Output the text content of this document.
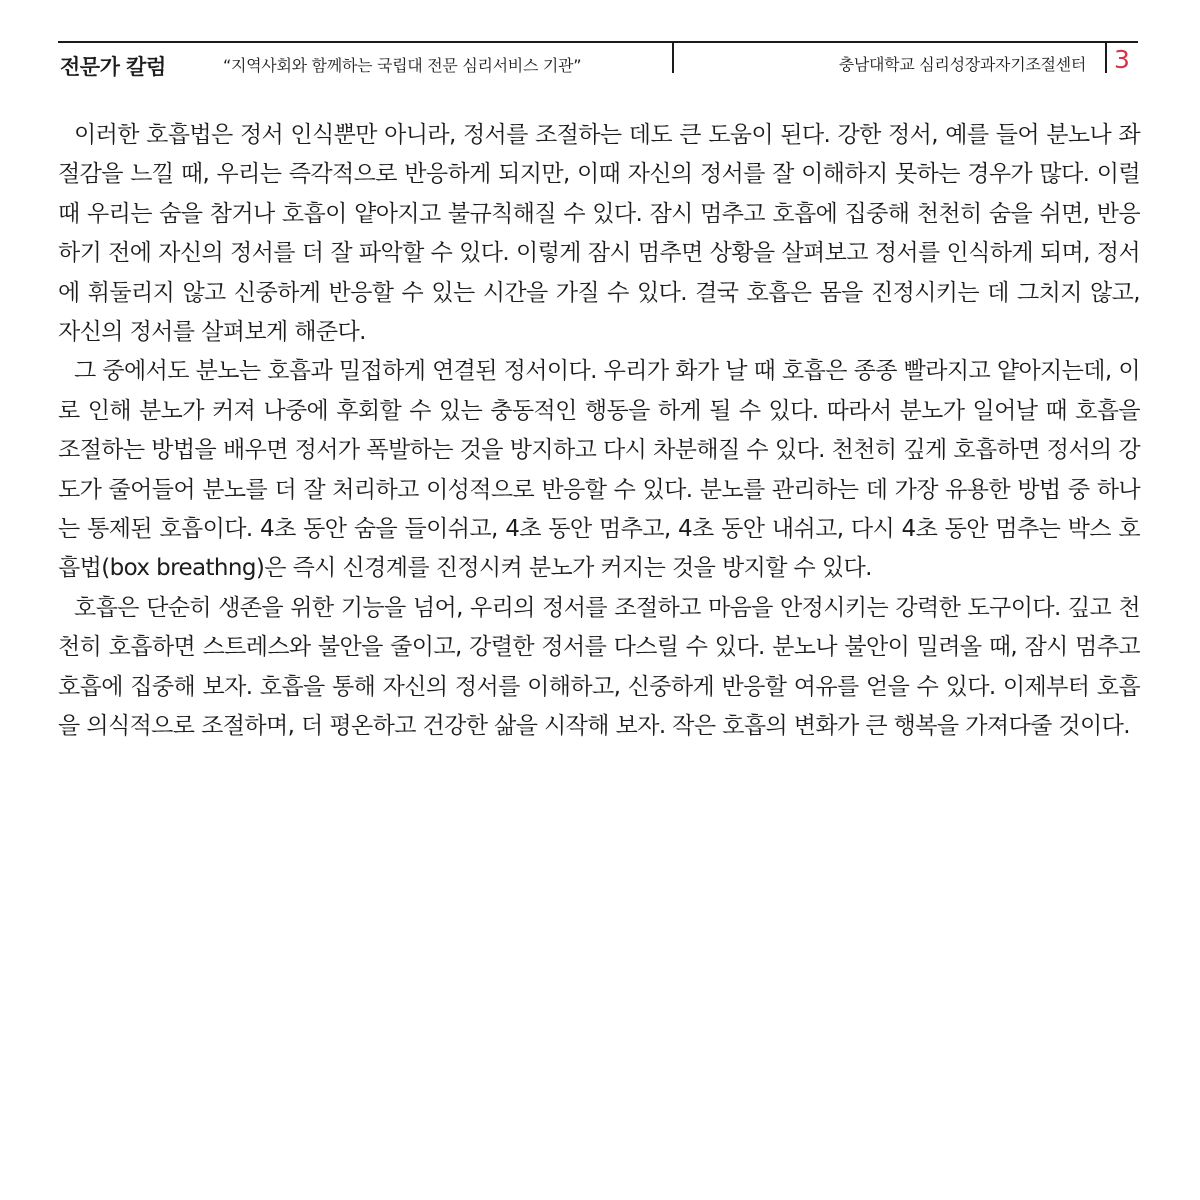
전문가 칼럼	“지역사회와 함께하는 국립대 전문 심리서비스 기관”	충남대학교 심리성장과자기조절센터 3

이러한 호흡법은 정서 인식뿐만 아니라, 정서를 조절하는 데도 큰 도움이 된다. 강한 정서, 예를 들어 분노나 좌절감을 느낄 때, 우리는 즉각적으로 반응하게 되지만, 이때 자신의 정서를 잘 이해하지 못하는 경우가 많다. 이럴 때 우리는 숨을 참거나 호흡이 얕아지고 불규칙해질 수 있다. 잠시 멈추고 호흡에 집중해 천천히 숨을 쉬면, 반응하기 전에 자신의 정서를 더 잘 파악할 수 있다. 이렇게 잠시 멈추면 상황을 살펴보고 정서를 인식하게 되며, 정서에 휘둘리지 않고 신중하게 반응할 수 있는 시간을 가질 수 있다. 결국 호흡은 몸을 진정시키는 데 그치지 않고, 자신의 정서를 살펴보게 해준다.

그 중에서도 분노는 호흡과 밀접하게 연결된 정서이다. 우리가 화가 날 때 호흡은 종종 빨라지고 얕아지는데, 이로 인해 분노가 커져 나중에 후회할 수 있는 충동적인 행동을 하게 될 수 있다. 따라서 분노가 일어날 때 호흡을 조절하는 방법을 배우면 정서가 폭발하는 것을 방지하고 다시 차분해질 수 있다. 천천히 깊게 호흡하면 정서의 강도가 줄어들어 분노를 더 잘 처리하고 이성적으로 반응할 수 있다. 분노를 관리하는 데 가장 유용한 방법 중 하나는 통제된 호흡이다. 4초 동안 숨을 들이쉬고, 4초 동안 멈추고, 4초 동안 내쉬고, 다시 4초 동안 멈추는 박스 호흡법(box breathng)은 즉시 신경계를 진정시켜 분노가 커지는 것을 방지할 수 있다.

호흡은 단순히 생존을 위한 기능을 넘어, 우리의 정서를 조절하고 마음을 안정시키는 강력한 도구이다. 깊고 천천히 호흡하면 스트레스와 불안을 줄이고, 강렬한 정서를 다스릴 수 있다. 분노나 불안이 밀려올 때, 잠시 멈추고 호흡에 집중해 보자. 호흡을 통해 자신의 정서를 이해하고, 신중하게 반응할 여유를 얻을 수 있다. 이제부터 호흡을 의식적으로 조절하며, 더 평온하고 건강한 삶을 시작해 보자. 작은 호흡의 변화가 큰 행복을 가져다줄 것이다.
